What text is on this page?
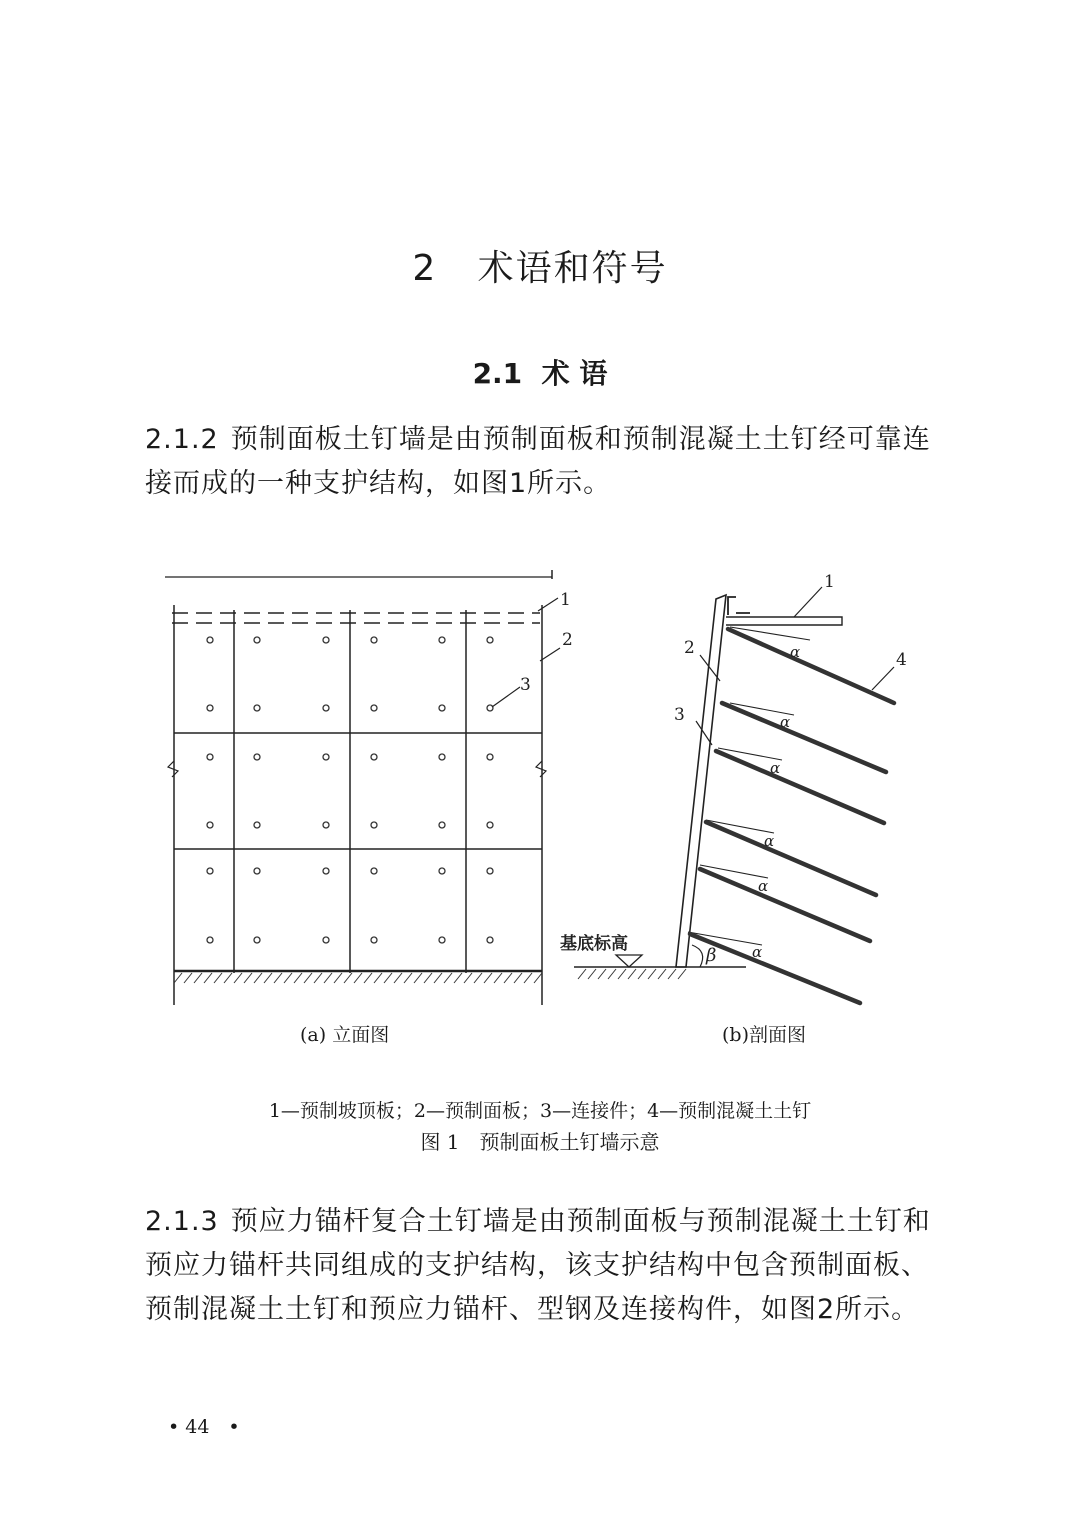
2 术语和符号
2.1 术 语
2.1.2 预制面板土钉墙是由预制面板和预制混凝土土钉经可靠连接而成的一种支护结构，如图1所示。
1
2
3
1
2
3
4
基底标高
β
α
α
α
α
α
α
(a) 立面图	(b)剖面图
1—预制坡顶板；2—预制面板；3—连接件；4—预制混凝土土钉
图 1　预制面板土钉墙示意
2.1.3 预应力锚杆复合土钉墙是由预制面板与预制混凝土土钉和预应力锚杆共同组成的支护结构，该支护结构中包含预制面板、预制混凝土土钉和预应力锚杆、型钢及连接构件，如图2所示。
• 44　•
